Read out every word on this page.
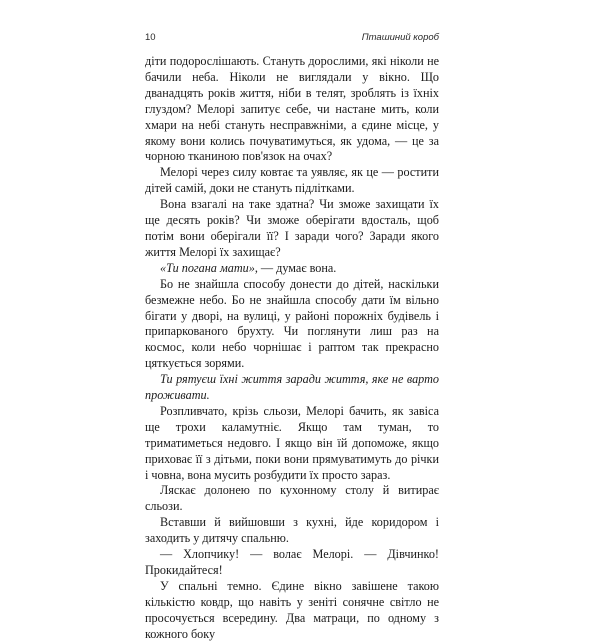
10	Пташиний короб

діти подорослішають. Стануть дорослими, які ніколи не бачили неба. Ніколи не виглядали у вікно. Що дванадцять років життя, ніби в телят, зроблять із їхніх глуздом? Мелорі запитує себе, чи настане мить, коли хмари на небі стануть несправжніми, а єдине місце, у якому вони колись почуватимуться, як удома, — це за чорною тканиною пов'язок на очах?

Мелорі через силу ковтає та уявляє, як це — ростити дітей самій, доки не стануть підлітками.

Вона взагалі на таке здатна? Чи зможе захищати їх ще десять років? Чи зможе оберігати вдосталь, щоб потім вони оберігали її? І заради чого? Заради якого життя Мелорі їх захищає?

«Ти погана мати», — думає вона.

Бо не знайшла способу донести до дітей, наскільки безмежне небо. Бо не знайшла способу дати їм вільно бігати у дворі, на вулиці, у районі порожніх будівель і припаркованого брухту. Чи поглянути лиш раз на космос, коли небо чорнішає і раптом так прекрасно цяткується зорями.

Ти рятуєш їхні життя заради життя, яке не варто проживати.

Розпливчато, крізь сльози, Мелорі бачить, як завіса ще трохи каламутніє. Якщо там туман, то триматиметься недовго. І якщо він їй допоможе, якщо приховає її з дітьми, поки вони прямуватимуть до річки і човна, вона мусить розбудити їх просто зараз.

Ляскає долонею по кухонному столу й витирає сльози.

Вставши й вийшовши з кухні, йде коридором і заходить у дитячу спальню.

— Хлопчику! — волає Мелорі. — Дівчинко! Прокидайтеся!

У спальні темно. Єдине вікно завішене такою кількістю ковдр, що навіть у зеніті сонячне світло не просочується всередину. Два матраци, по одному з кожного боку
